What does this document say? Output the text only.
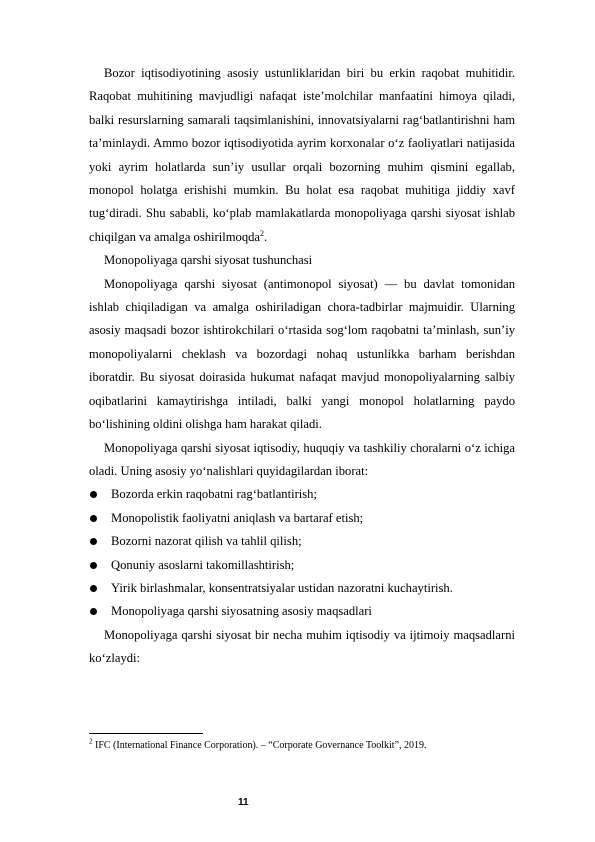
Bozor iqtisodiyotining asosiy ustunliklaridan biri bu erkin raqobat muhitidir. Raqobat muhitining mavjudligi nafaqat iste’molchilar manfaatini himoya qiladi, balki resurslarning samarali taqsimlanishini, innovatsiyalarni rag‘batlantirishni ham ta’minlaydi. Ammo bozor iqtisodiyotida ayrim korxonalar o‘z faoliyatlari natijasida yoki ayrim holatlarda sun’iy usullar orqali bozorning muhim qismini egallab, monopol holatga erishishi mumkin. Bu holat esa raqobat muhitiga jiddiy xavf tug‘diradi. Shu sababli, ko‘plab mamlakatlarda monopoliyaga qarshi siyosat ishlab chiqilgan va amalga oshirilmoqda$^2$.

Monopoliyaga qarshi siyosat tushunchasi

Monopoliyaga qarshi siyosat (antimonopol siyosat) — bu davlat tomonidan ishlab chiqiladigan va amalga oshiriladigan chora-tadbirlar majmuidir. Ularning asosiy maqsadi bozor ishtirokchilari o‘rtasida sog‘lom raqobatni ta’minlash, sun’iy monopoliyalarni cheklash va bozordagi nohaq ustunlikka barham berishdan iboratdir. Bu siyosat doirasida hukumat nafaqat mavjud monopoliyalarning salbiy oqibatlarini kamaytirishga intiladi, balki yangi monopol holatlarning paydo bo‘lishining oldini olishga ham harakat qiladi.

Monopoliyaga qarshi siyosat iqtisodiy, huquqiy va tashkiliy choralarni o‘z ichiga oladi. Uning asosiy yo‘nalishlari quyidagilardan iborat:

Bozorda erkin raqobatni rag‘batlantirish;
Monopolistik faoliyatni aniqlash va bartaraf etish;
Bozorni nazorat qilish va tahlil qilish;
Qonuniy asoslarni takomillashtirish;
Yirik birlashmalar, konsentratsiyalar ustidan nazoratni kuchaytirish.
Monopoliyaga qarshi siyosatning asosiy maqsadlari

Monopoliyaga qarshi siyosat bir necha muhim iqtisodiy va ijtimoiy maqsadlarni ko‘zlaydi:

$^2$ IFC (International Finance Corporation). – “Corporate Governance Toolkit”, 2019.

11
